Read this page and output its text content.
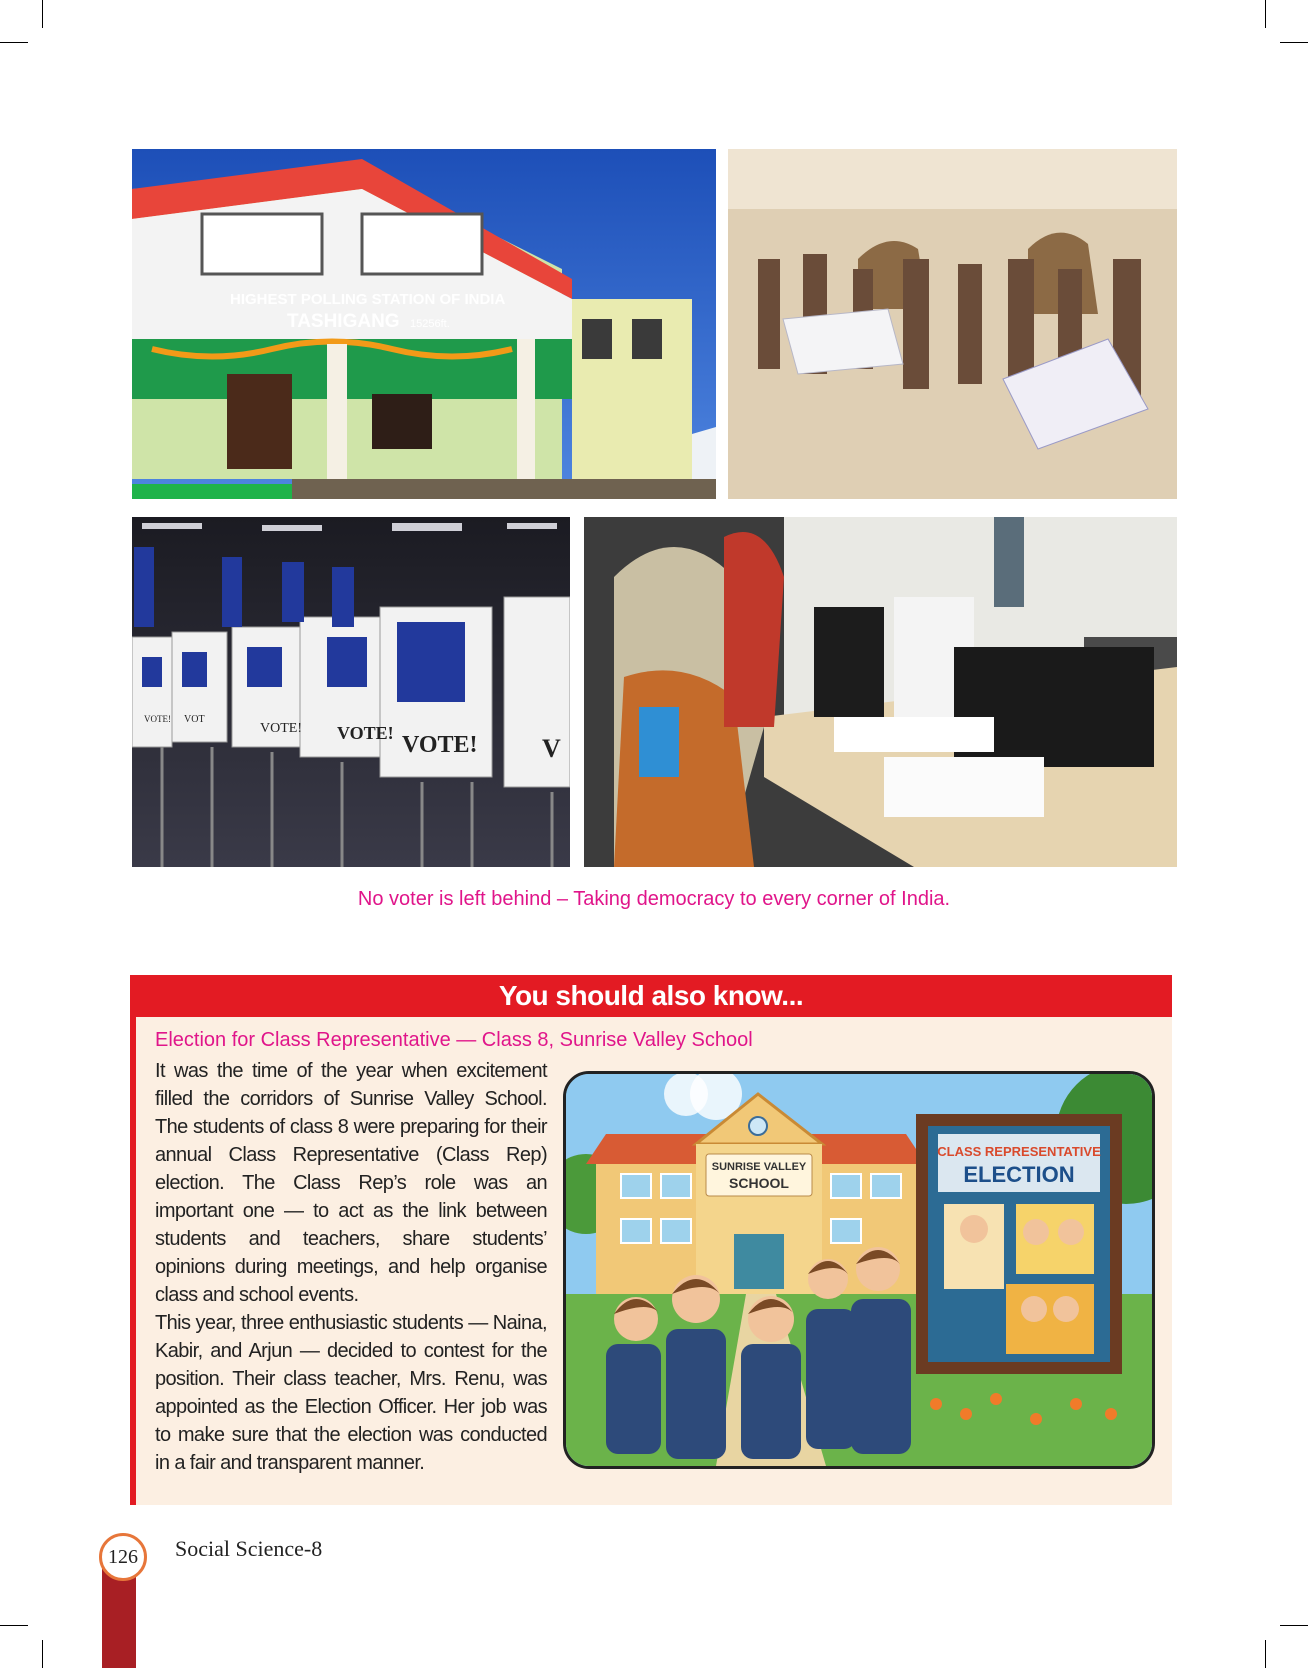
HIGHEST POLLING STATION OF INDIA
TASHIGANG 15256ft.
VOTE! VOT
VOTE! VOTE! VOTE! V
No voter is left behind – Taking democracy to every corner of India.
You should also know...
Election for Class Representative — Class 8, Sunrise Valley School

It was the time of the year when excitement filled the corridors of Sunrise Valley School. The students of class 8 were preparing for their annual Class Representative (Class Rep) election. The Class Rep’s role was an important one — to act as the link between students and teachers, share students’ opinions during meetings, and help organise class and school events.

This year, three enthusiastic students — Naina, Kabir, and Arjun — decided to contest for the position. Their class teacher, Mrs. Renu, was appointed as the Election Officer. Her job was to make sure that the election was conducted in a fair and transparent manner.

SUNRISE VALLEY
SCHOOL
CLASS REPRESENTATIVE
ELECTION
126	Social Science-8
